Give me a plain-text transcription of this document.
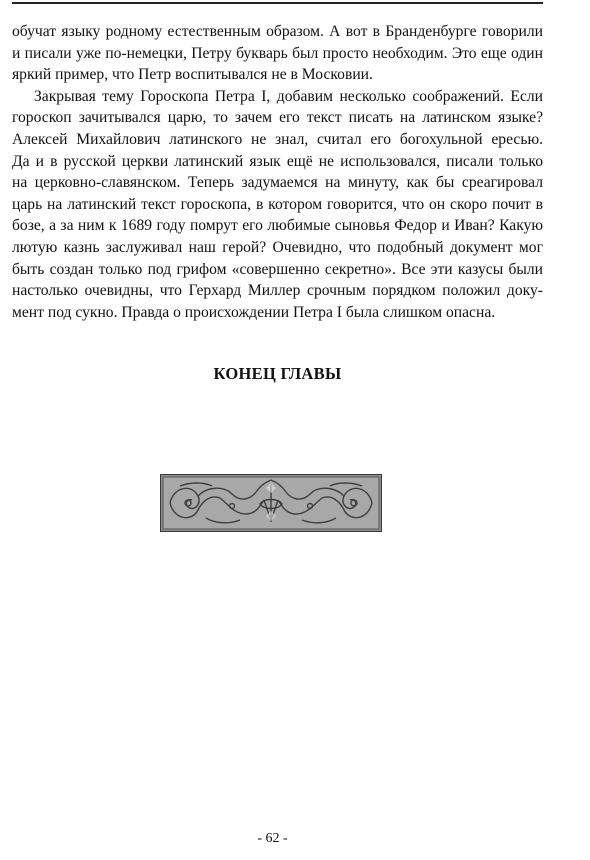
обучат языку родному естественным образом. А вот в Бранденбурге говорили
и писали уже по-немецки, Петру букварь был просто необходим. Это еще один
яркий пример, что Петр воспитывался не в Московии.
Закрывая тему Гороскопа Петра I, добавим несколько соображений. Если
гороскоп зачитывался царю, то зачем его текст писать на латинском языке?
Алексей Михайлович латинского не знал, считал его богохульной ересью.
Да и в русской церкви латинский язык ещё не использовался, писали только
на церковно-славянском. Теперь задумаемся на минуту, как бы среагировал
царь на латинский текст гороскопа, в котором говорится, что он скоро почит в
бозе, а за ним к 1689 году помрут его любимые сыновья Федор и Иван? Какую
лютую казнь заслуживал наш герой? Очевидно, что подобный документ мог
быть создан только под грифом «совершенно секретно». Все эти казусы были
настолько очевидны, что Герхард Миллер срочным порядком положил доку-
мент под сукно. Правда о происхождении Петра I была слишком опасна.
КОНЕЦ ГЛАВЫ
- 62 -
